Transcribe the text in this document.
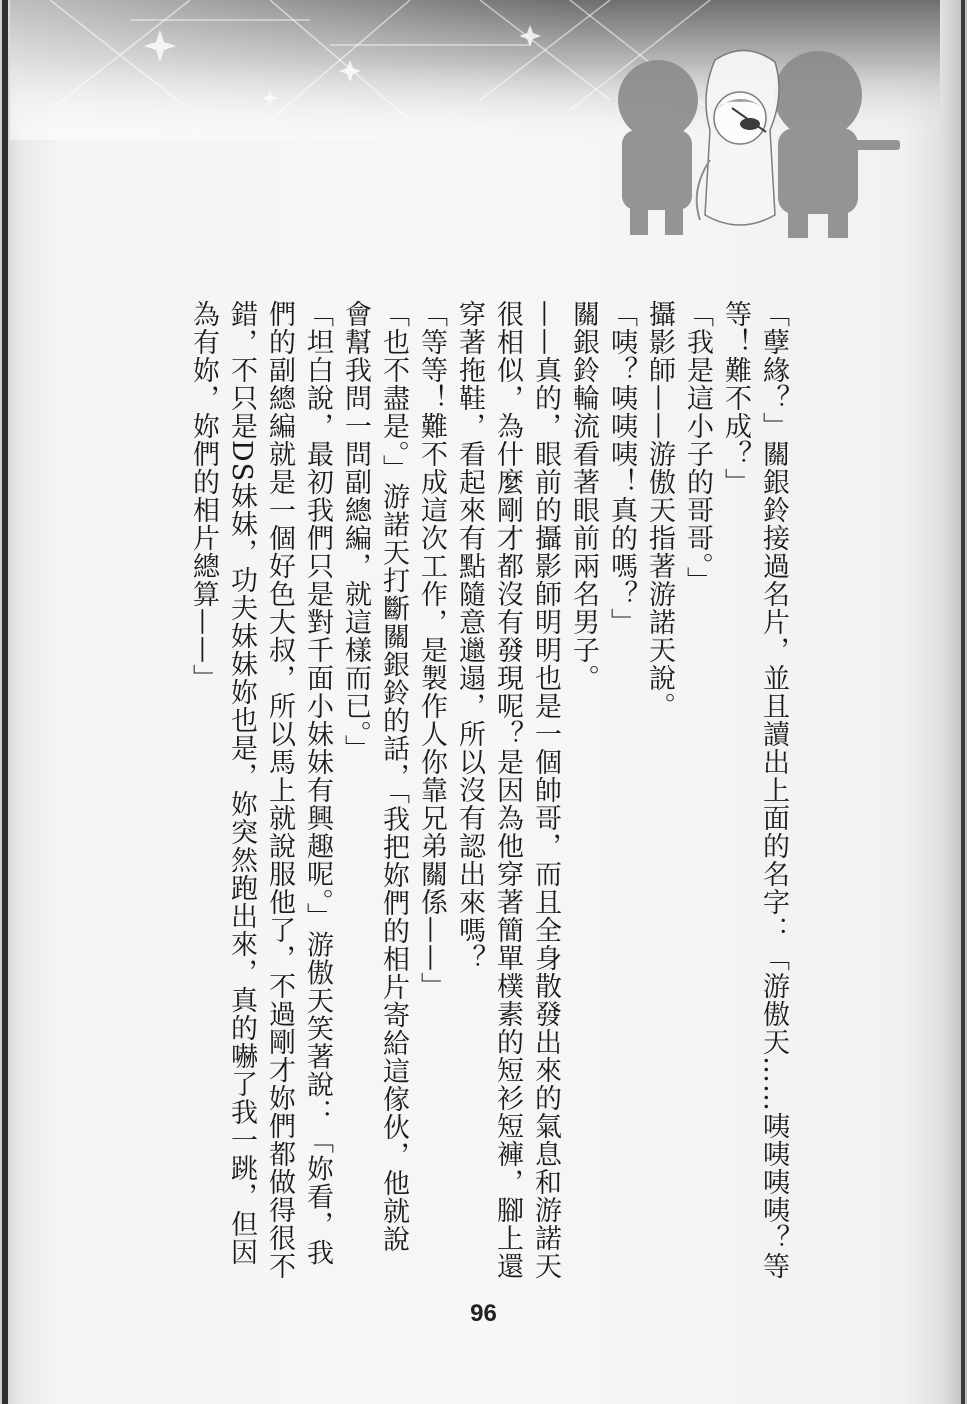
「孽緣？」關銀鈴接過名片，並且讀出上面的名字：「游傲天……咦咦咦咦？等等！難不成？」

「我是這小子的哥哥。」

攝影師——游傲天指著游諾天說。

「咦？咦咦咦！真的嗎？」

關銀鈴輪流看著眼前兩名男子。

——真的，眼前的攝影師明明也是一個帥哥，而且全身散發出來的氣息和游諾天很相似，為什麼剛才都沒有發現呢？是因為他穿著簡單樸素的短衫短褲，腳上還穿著拖鞋，看起來有點隨意邋遢，所以沒有認出來嗎？

「等等！難不成這次工作，是製作人你靠兄弟關係——」

「也不盡是。」游諾天打斷關銀鈴的話，「我把妳們的相片寄給這傢伙，他就說會幫我問一問副總編，就這樣而已。」

「坦白說，最初我們只是對千面小妹妹有興趣呢。」游傲天笑著說：「妳看，我們的副總編就是一個好色大叔，所以馬上就說服他了，不過剛才妳們都做得很不錯，不只是DS妹妹，功夫妹妹妳也是，妳突然跑出來，真的嚇了我一跳，但因為有妳，妳們的相片總算——」

96
